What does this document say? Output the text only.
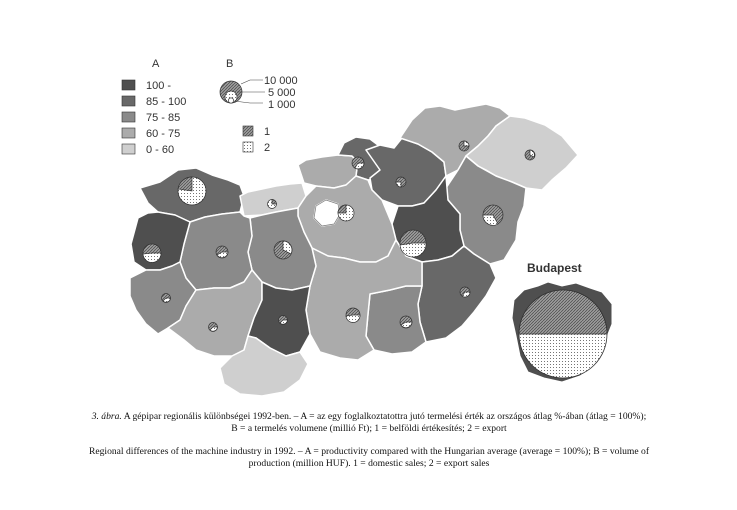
A
100 -
85 - 100
75 - 85
60 - 75
0 - 60
B
10 000
5 000
1 000
1
2
Budapest
3. ábra. A gépipar regionális különbségei 1992-ben. – A = az egy foglalkoztatottra jutó termelési érték az országos átlag %-ában (átlag = 100%);
B = a termelés volumene (millió Ft); 1 = belföldi értékesítés; 2 = export
Regional differences of the machine industry in 1992. – A = productivity compared with the Hungarian average (average = 100%); B = volume of
production (million HUF). 1 = domestic sales; 2 = export sales
